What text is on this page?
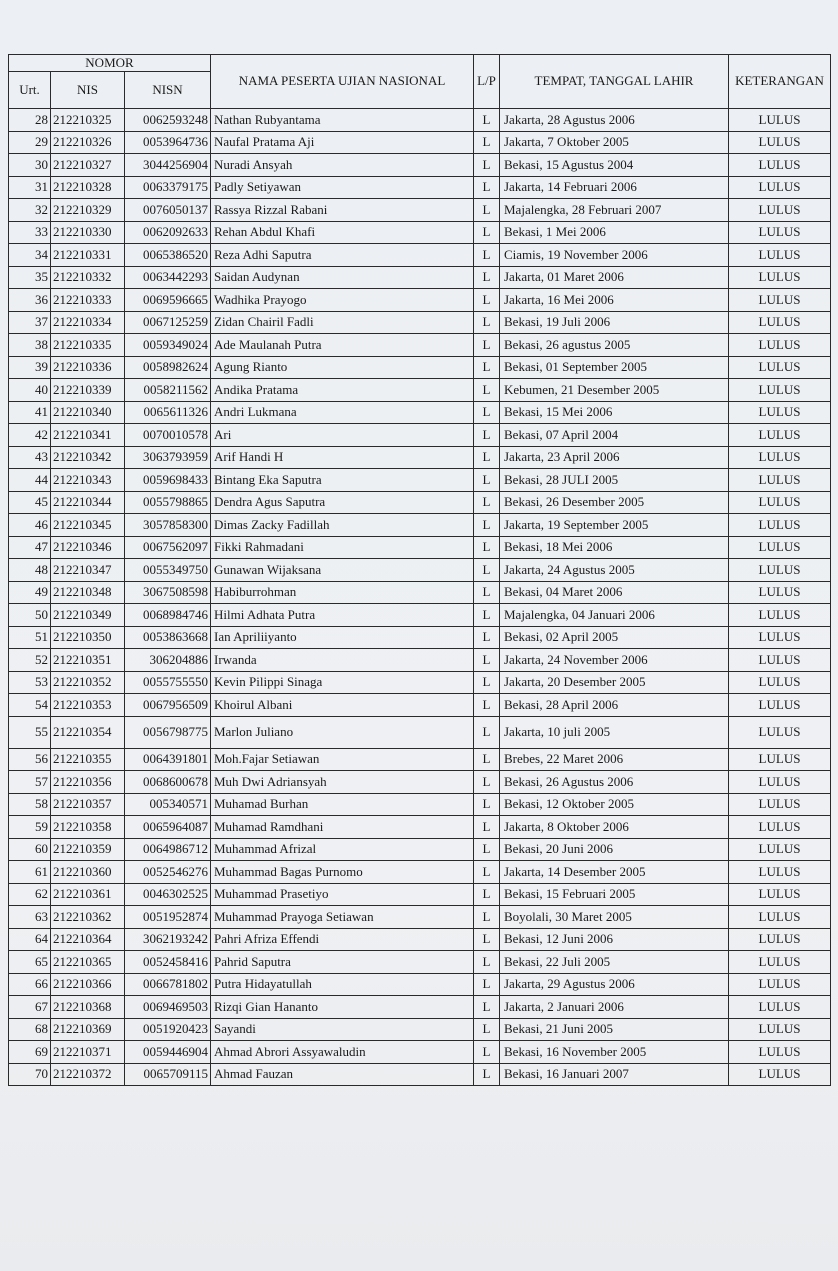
NOMOR			NAMA PESERTA UJIAN NASIONAL	L/P	TEMPAT, TANGGAL LAHIR	KETERANGAN
Urt.	NIS	NISN				
28	212210325	0062593248	Nathan Rubyantama	L	Jakarta, 28 Agustus 2006	LULUS
29	212210326	0053964736	Naufal Pratama Aji	L	Jakarta, 7 Oktober 2005	LULUS
30	212210327	3044256904	Nuradi Ansyah	L	Bekasi, 15 Agustus 2004	LULUS
31	212210328	0063379175	Padly Setiyawan	L	Jakarta, 14 Februari 2006	LULUS
32	212210329	0076050137	Rassya Rizzal Rabani	L	Majalengka, 28 Februari 2007	LULUS
33	212210330	0062092633	Rehan Abdul Khafi	L	Bekasi, 1 Mei 2006	LULUS
34	212210331	0065386520	Reza Adhi Saputra	L	Ciamis, 19 November 2006	LULUS
35	212210332	0063442293	Saidan Audynan	L	Jakarta, 01 Maret 2006	LULUS
36	212210333	0069596665	Wadhika Prayogo	L	Jakarta, 16 Mei 2006	LULUS
37	212210334	0067125259	Zidan Chairil Fadli	L	Bekasi, 19 Juli 2006	LULUS
38	212210335	0059349024	Ade Maulanah Putra	L	Bekasi, 26 agustus 2005	LULUS
39	212210336	0058982624	Agung Rianto	L	Bekasi, 01 September 2005	LULUS
40	212210339	0058211562	Andika Pratama	L	Kebumen, 21 Desember 2005	LULUS
41	212210340	0065611326	Andri Lukmana	L	Bekasi, 15 Mei 2006	LULUS
42	212210341	0070010578	Ari	L	Bekasi, 07 April 2004	LULUS
43	212210342	3063793959	Arif Handi H	L	Jakarta, 23 April 2006	LULUS
44	212210343	0059698433	Bintang Eka Saputra	L	Bekasi, 28 JULI 2005	LULUS
45	212210344	0055798865	Dendra Agus Saputra	L	Bekasi, 26 Desember 2005	LULUS
46	212210345	3057858300	Dimas Zacky Fadillah	L	Jakarta, 19 September 2005	LULUS
47	212210346	0067562097	Fikki Rahmadani	L	Bekasi, 18 Mei 2006	LULUS
48	212210347	0055349750	Gunawan Wijaksana	L	Jakarta, 24 Agustus 2005	LULUS
49	212210348	3067508598	Habiburrohman	L	Bekasi, 04 Maret 2006	LULUS
50	212210349	0068984746	Hilmi Adhata Putra	L	Majalengka, 04 Januari 2006	LULUS
51	212210350	0053863668	Ian Apriliiyanto	L	Bekasi, 02 April 2005	LULUS
52	212210351	306204886	Irwanda	L	Jakarta, 24 November 2006	LULUS
53	212210352	0055755550	Kevin Pilippi Sinaga	L	Jakarta, 20 Desember 2005	LULUS
54	212210353	0067956509	Khoirul Albani	L	Bekasi, 28 April 2006	LULUS
55	212210354	0056798775	Marlon Juliano	L	Jakarta, 10 juli 2005	LULUS
56	212210355	0064391801	Moh.Fajar Setiawan	L	Brebes, 22 Maret 2006	LULUS
57	212210356	0068600678	Muh Dwi Adriansyah	L	Bekasi, 26 Agustus 2006	LULUS
58	212210357	005340571	Muhamad Burhan	L	Bekasi, 12 Oktober 2005	LULUS
59	212210358	0065964087	Muhamad Ramdhani	L	Jakarta, 8 Oktober 2006	LULUS
60	212210359	0064986712	Muhammad Afrizal	L	Bekasi, 20 Juni 2006	LULUS
61	212210360	0052546276	Muhammad Bagas Purnomo	L	Jakarta, 14 Desember 2005	LULUS
62	212210361	0046302525	Muhammad Prasetiyo	L	Bekasi, 15 Februari 2005	LULUS
63	212210362	0051952874	Muhammad Prayoga Setiawan	L	Boyolali, 30 Maret 2005	LULUS
64	212210364	3062193242	Pahri Afriza Effendi	L	Bekasi, 12 Juni 2006	LULUS
65	212210365	0052458416	Pahrid Saputra	L	Bekasi, 22 Juli 2005	LULUS
66	212210366	0066781802	Putra Hidayatullah	L	Jakarta, 29 Agustus 2006	LULUS
67	212210368	0069469503	Rizqi Gian Hananto	L	Jakarta, 2 Januari 2006	LULUS
68	212210369	0051920423	Sayandi	L	Bekasi, 21 Juni 2005	LULUS
69	212210371	0059446904	Ahmad Abrori Assyawaludin	L	Bekasi, 16 November 2005	LULUS
70	212210372	0065709115	Ahmad Fauzan	L	Bekasi, 16 Januari 2007	LULUS
